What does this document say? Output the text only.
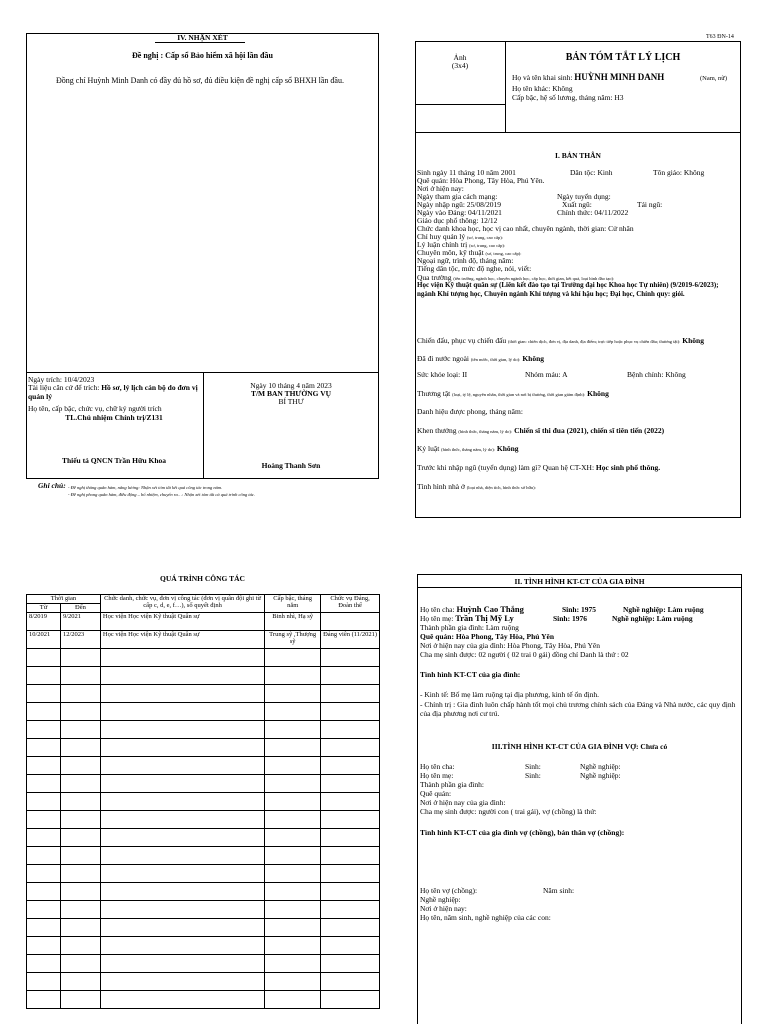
IV. NHẬN XÉT
Đề nghị : Cấp sổ Bảo hiểm xã hội lần đầu
Đồng chí Huỳnh Minh Danh có đầy đủ hồ sơ, đủ điều kiện đề nghị cấp sổ BHXH lần đầu.
Ngày trích: 10/4/2023
Tài liệu căn cứ để trích: Hồ sơ, lý lịch cán bộ do đơn vị quản lý
Họ tên, cấp bậc, chức vụ, chữ ký người trích
TL.Chủ nhiệm Chính trị/Z131
Thiếu tá QNCN Trần Hữu Khoa
Ngày 10 tháng 4 năm 2023
T/M BAN THƯỜNG VỤ
BÍ THƯ
Hoàng Thanh Sơn
Ghi chú: - Đề nghị thăng quân hàm, nâng lương: Nhận xét tóm tắt kết quả công tác trong năm.
- Đề nghị phong quân hàm, điều động – bổ nhiệm, chuyển ra…: Nhận xét tóm tắt cả quá trình công tác.
T63 ĐN-14
Ảnh
(3x4)
BẢN TÓM TẮT LÝ LỊCH
Họ và tên khai sinh: HUỲNH MINH DANH	(Nam, nữ)
Họ tên khác: Không
Cấp bậc, hệ số lương, tháng năm: H3
I. BẢN THÂN
Sinh ngày 11 tháng 10 năm 2001	Dân tộc: Kinh	Tôn giáo: Không
Quê quán: Hòa Phong, Tây Hòa, Phú Yên.
Nơi ở hiện nay:
Ngày tham gia cách mạng:	Ngày tuyển dụng:
Ngày nhập ngũ: 25/08/2019	Xuất ngũ:	Tái ngũ:
Ngày vào Đảng: 04/11/2021	Chính thức: 04/11/2022
Giáo dục phổ thông: 12/12
Chức danh khoa học, học vị cao nhất, chuyên ngành, thời gian: Cử nhân
Chỉ huy quản lý (sơ, trung, cao cấp):
Lý luận chính trị (sơ, trung, cao cấp):
Chuyên môn, kỹ thuật (sơ, trung, cao cấp):
Ngoại ngữ, trình độ, tháng năm:
Tiếng dân tộc, mức độ nghe, nói, viết:
Qua trường (tên trường, ngành học, chuyên ngành học, cấp học, thời gian, kết quả, loại hình đào tạo):
Học viện Kỹ thuật quân sự (Liên kết đào tạo tại Trường đại học Khoa học Tự nhiên) (9/2019-6/2023); ngành Khí tượng học, Chuyên ngành Khí tượng và khí hậu học; Đại học, Chính quy: giỏi.
Chiến đấu, phục vụ chiến đấu (thời gian: chiến dịch, đơn vị, địa danh, địa điểm; trực tiếp hoặc phục vụ chiến đấu; thương tật): Không
Đã đi nước ngoài (tên nước, thời gian, lý do): Không
Sức khỏe loại: II	Nhóm máu: A	Bệnh chính: Không
Thương tật (loại, tỷ lệ, nguyên nhân, thời gian và nơi bị thương, thời gian giám định): Không
Danh hiệu được phong, tháng năm:
Khen thưởng (hình thức, tháng năm, lý do): Chiến sĩ thi đua (2021), chiến sĩ tiên tiến (2022)
Kỷ luật (hình thức, tháng năm, lý do): Không
Trước khi nhập ngũ (tuyển dụng) làm gì? Quan hệ CT-XH: Học sinh phổ thông.
Tình hình nhà ở (loại nhà, diện tích, hình thức sở hữu):
QUÁ TRÌNH CÔNG TÁC
Thời gian		Chức danh, chức vụ, đơn vị công tác (đơn vị quân đội ghi từ cấp c, d, e, f…), số quyết định	Cấp bậc, tháng năm	Chức vụ Đảng, Đoàn thể
Từ	Đến			
8/2019	9/2021	Học viện Học viện Kỹ thuật Quân sự	Binh nhì, Hạ sỹ	
10/2021	12/2023	Học viện Học viện Kỹ thuật Quân sự	Trung sỹ ,Thượng sỹ	Đảng viên (11/2021)

II. TÌNH HÌNH KT-CT CỦA GIA ĐÌNH
Họ tên cha: Huỳnh Cao Thắng	Sinh: 1975	Nghề nghiệp: Làm ruộng
Họ tên mẹ: Trần Thị Mỹ Ly	Sinh: 1976	Nghề nghiệp: Làm ruộng
Thành phần gia đình: Làm ruộng
Quê quán: Hòa Phong, Tây Hòa, Phú Yên
Nơi ở hiện nay của gia đình: Hòa Phong, Tây Hòa, Phú Yên
Cha mẹ sinh được: 02 người ( 02 trai 0 gái) đồng chí Danh là thứ : 02
Tình hình KT-CT của gia đình:
- Kinh tế: Bố mẹ làm ruộng tại địa phương, kinh tế ổn định.
- Chính trị : Gia đình luôn chấp hành tốt mọi chủ trương chính sách của Đảng và Nhà nước, các quy định của địa phương nơi cư trú.
III.TÌNH HÌNH KT-CT CỦA GIA ĐÌNH VỢ: Chưa có
Họ tên cha:	Sinh:	Nghề nghiệp:
Họ tên mẹ:	Sinh:	Nghề nghiệp:
Thành phần gia đình:
Quê quán:
Nơi ở hiện nay của gia đình:
Cha mẹ sinh được: người con ( trai gái), vợ (chồng) là thứ:
Tình hình KT-CT của gia đình vợ (chồng), bản thân vợ (chồng):
Họ tên vợ (chồng):	Năm sinh:
Nghề nghiệp:
Nơi ở hiện nay:
Họ tên, năm sinh, nghề nghiệp của các con:
